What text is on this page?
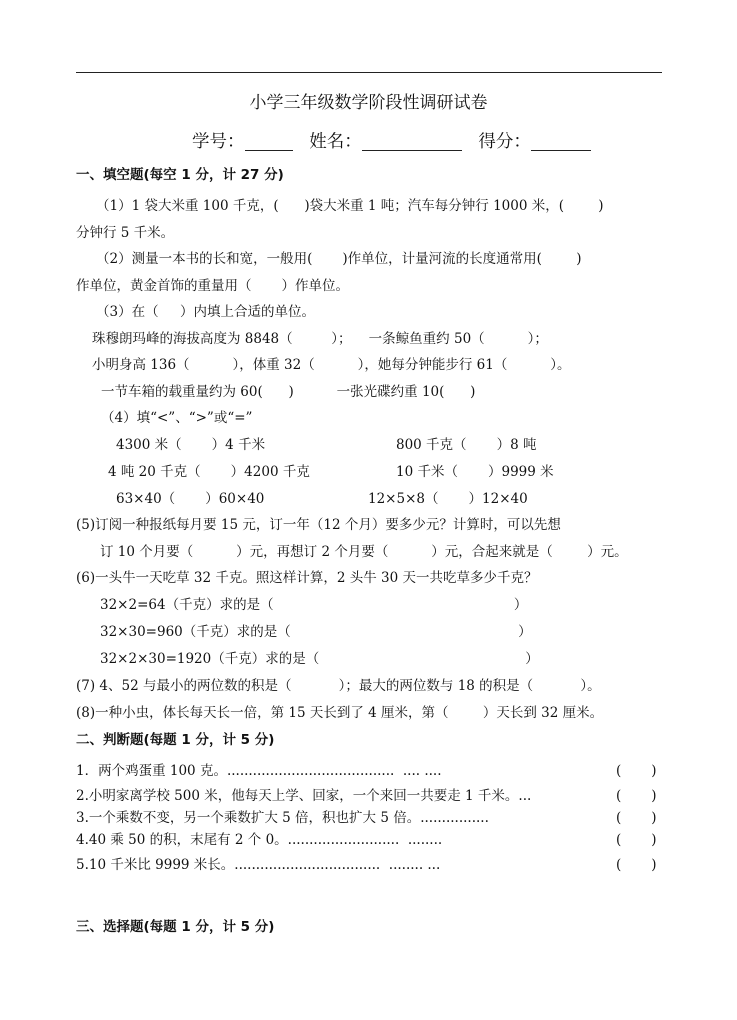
小学三年级数学阶段性调研试卷
学号：	姓名：	得分：
一、填空题(每空 1 分，计 27 分)
（1）1 袋大米重 100 千克，(      )袋大米重 1 吨；汽车每分钟行 1000 米，(        )
分钟行 5 千米。
（2）测量一本书的长和宽，一般用(       )作单位，计量河流的长度通常用(        )
作单位，黄金首饰的重量用（       ）作单位。
（3）在（     ）内填上合适的单位。
珠穆朗玛峰的海拔高度为 8848（         ）；    一条鲸鱼重约 50（          ）；
小明身高 136（          ），体重 32（          ），她每分钟能步行 61（          ）。
一节车箱的载重量约为 60(      )          一张光碟约重 10(      )
（4）填“<”、“>”或“=”
4300 米（       ）4 千米	800 千克（       ）8 吨
4 吨 20 千克（       ）4200 千克	10 千米（       ）9999 米
63×40（       ）60×40	12×5×8（       ）12×40
(5)订阅一种报纸每月要 15 元，订一年（12 个月）要多少元？计算时，可以先想
订 10 个月要（          ）元，再想订 2 个月要（          ）元，合起来就是（        ）元。
(6)一头牛一天吃草 32 千克。照这样计算，2 头牛 30 天一共吃草多少千克？
32×2=64（千克）求的是（                                                        ）
32×30=960（千克）求的是（                                                     ）
32×2×30=1920（千克）求的是（                                                ）
(7) 4、52 与最小的两位数的积是（           ）；最大的两位数与 18 的积是（           ）。
(8)一种小虫，体长每天长一倍，第 15 天长到了 4 厘米，第（        ）天长到 32 厘米。
二、判断题(每题 1 分，计 5 分)
1．两个鸡蛋重 100 克。.......................................  .... ....	(       )
2.小明家离学校 500 米，他每天上学、回家，一个来回一共要走 1 千米。...	(       )
3.一个乘数不变，另一个乘数扩大 5 倍，积也扩大 5 倍。................	(       )
4.40 乘 50 的积，末尾有 2 个 0。..........................  ........	(       )
5.10 千米比 9999 米长。..................................  ........ ...	(       )
三、选择题(每题 1 分，计 5 分)
